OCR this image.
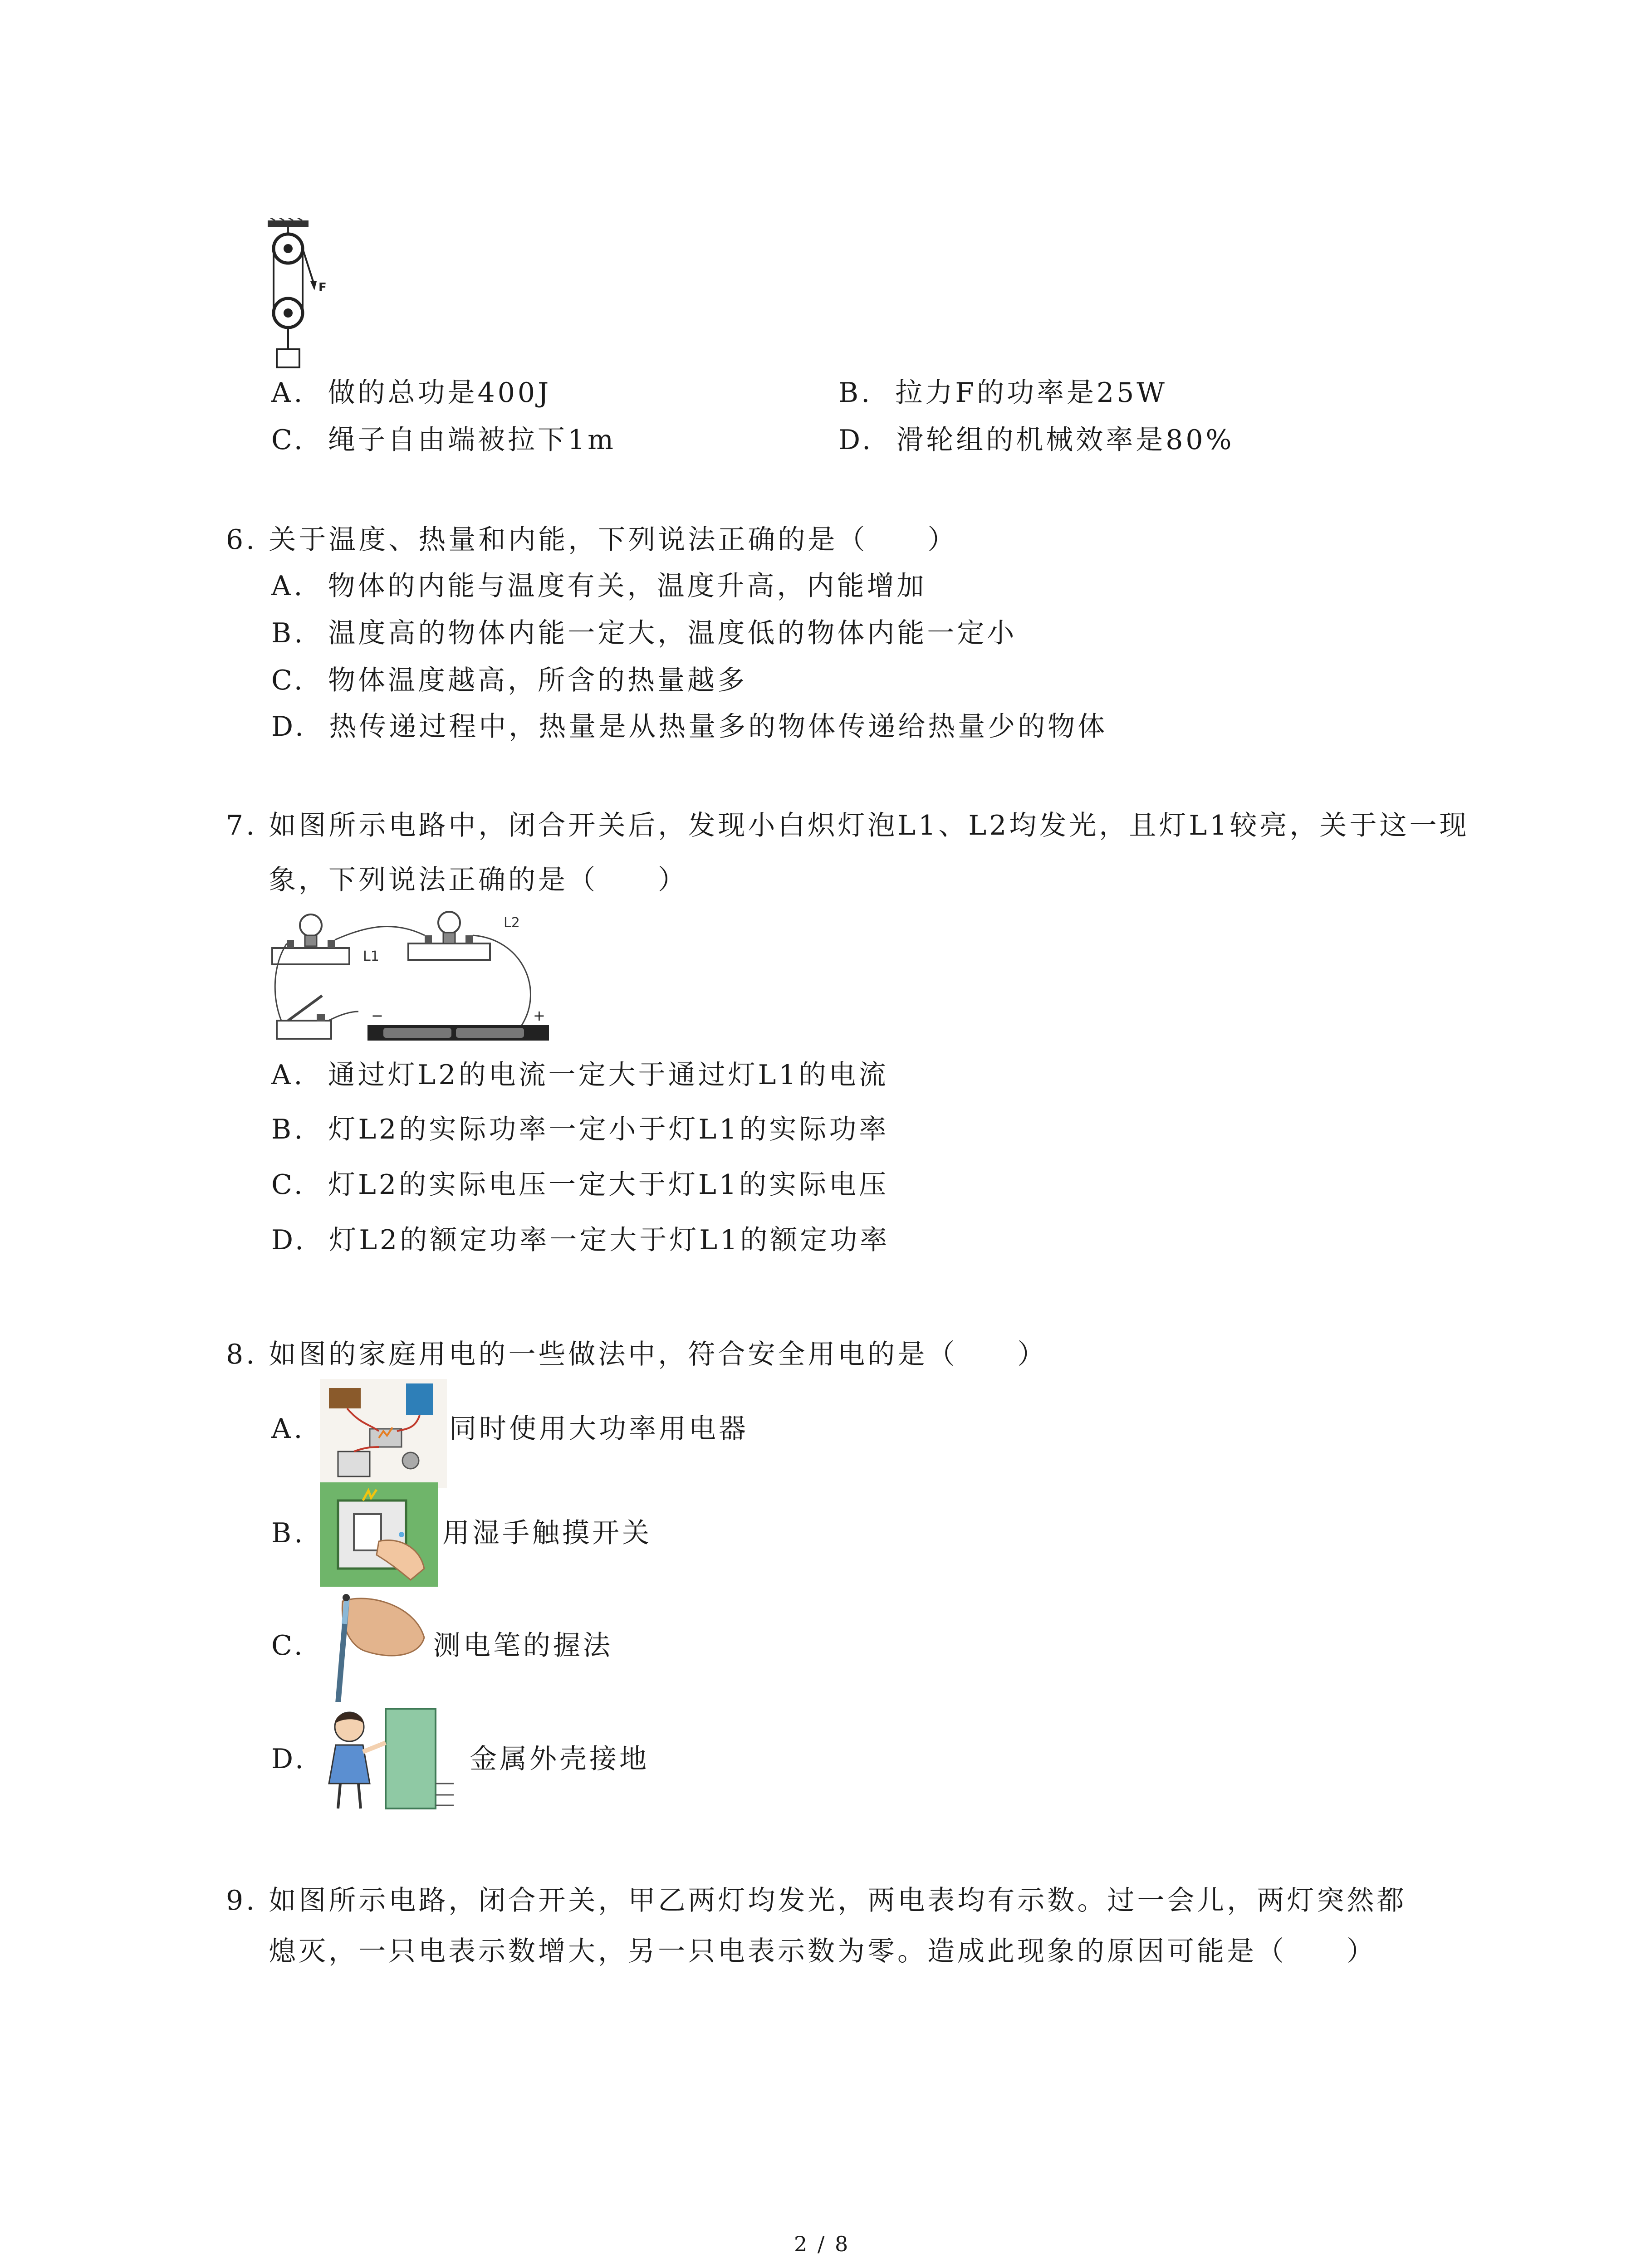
F
A. 做的总功是400J	B. 拉力F的功率是25W
C. 绳子自由端被拉下1m	D. 滑轮组的机械效率是80%
6. 关于温度、热量和内能，下列说法正确的是（　　）
A. 物体的内能与温度有关，温度升高，内能增加
B. 温度高的物体内能一定大，温度低的物体内能一定小
C. 物体温度越高，所含的热量越多
D. 热传递过程中，热量是从热量多的物体传递给热量少的物体
7. 如图所示电路中，闭合开关后，发现小白炽灯泡L1、L2均发光，且灯L1较亮，关于这一现
象，下列说法正确的是（　　）
L1
L2
−	+
A. 通过灯L2的电流一定大于通过灯L1的电流
B. 灯L2的实际功率一定小于灯L1的实际功率
C. 灯L2的实际电压一定大于灯L1的实际电压
D. 灯L2的额定功率一定大于灯L1的额定功率
8. 如图的家庭用电的一些做法中，符合安全用电的是（　　）
A.	同时使用大功率用电器
B.	用湿手触摸开关
C.	测电笔的握法
D.	金属外壳接地
9. 如图所示电路，闭合开关，甲乙两灯均发光，两电表均有示数。过一会儿，两灯突然都
熄灭，一只电表示数增大，另一只电表示数为零。造成此现象的原因可能是（　　）
2 / 8
